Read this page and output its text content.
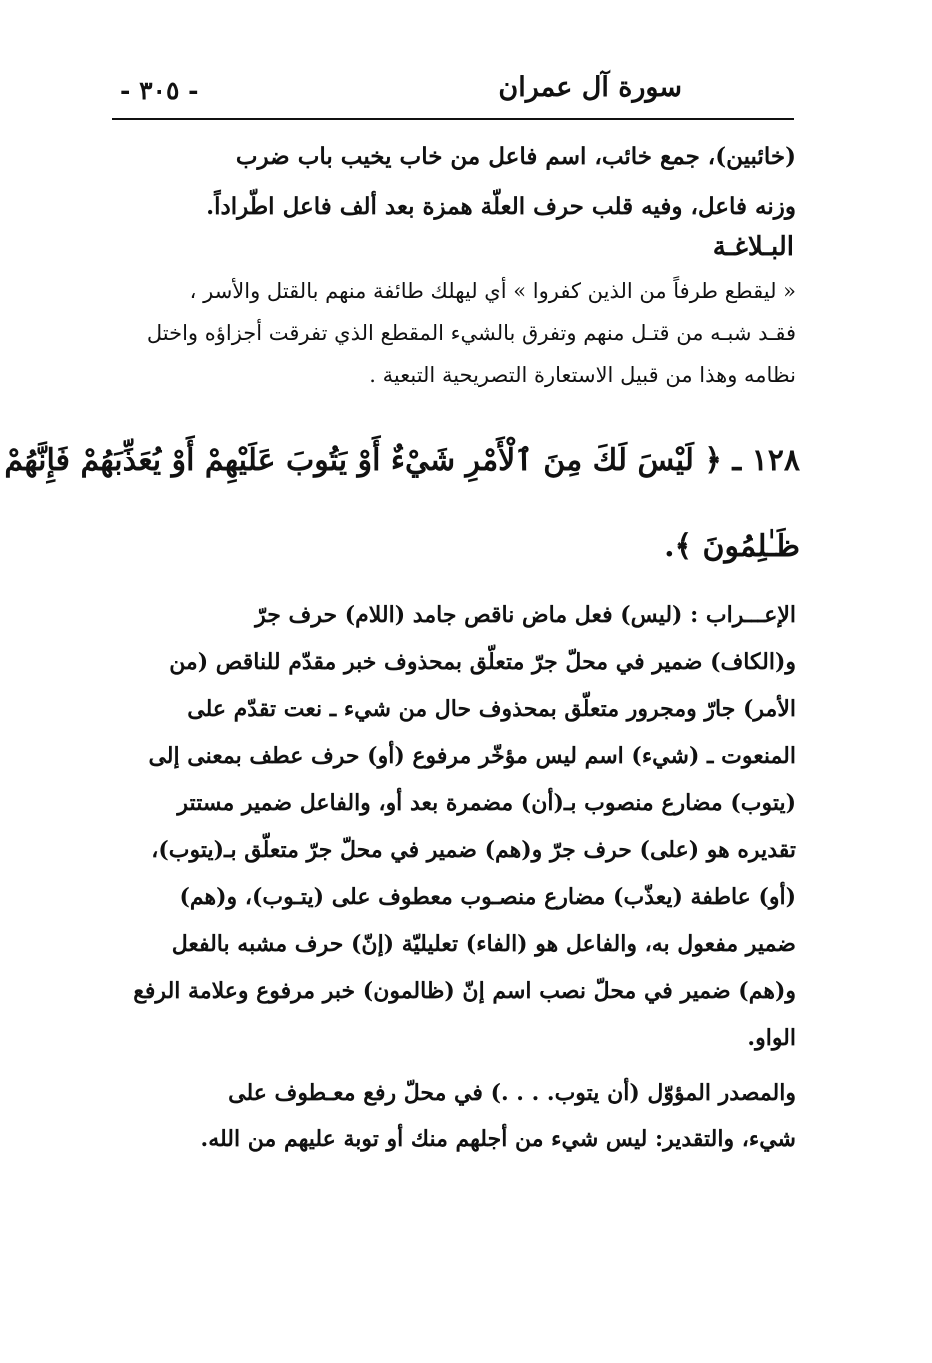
سورة آل عمران
- ٣٠٥ -
(خائبين)، جمع خائب، اسم فاعل من خاب يخيب باب ضرب
وزنه فاعل، وفيه قلب حرف العلّة همزة بعد ألف فاعل اطّراداً.
البـلاغـة
« ليقطع طرفاً من الذين كفروا » أي ليهلك طائفة منهم بالقتل والأسر ،
فقـد شبـه من قتـل منهم وتفرق بالشيء المقطع الذي تفرقت أجزاؤه واختل
نظامه وهذا من قبيل الاستعارة التصريحية التبعية .
١٢٨ ـ ﴿ لَيْسَ لَكَ مِنَ ٱلْأَمْرِ شَيْءٌ أَوْ يَتُوبَ عَلَيْهِمْ أَوْ يُعَذِّبَهُمْ فَإِنَّهُمْ
ظَـٰلِمُونَ ﴾.
الإعـــراب : (ليس) فعل ماض ناقص جامد (اللام) حرف جرّ
و(الكاف) ضمير في محلّ جرّ متعلّق بمحذوف خبر مقدّم للناقص (من
الأمر) جارّ ومجرور متعلّق بمحذوف حال من شيء ـ نعت تقدّم على
المنعوت ـ (شيء) اسم ليس مؤخّر مرفوع (أو) حرف عطف بمعنى إلى
(يتوب) مضارع منصوب بـ(أن) مضمرة بعد أو، والفاعل ضمير مستتر
تقديره هو (على) حرف جرّ و(هم) ضمير في محلّ جرّ متعلّق بـ(يتوب)،
(أو) عاطفة (يعذّب) مضارع منصـوب معطوف على (يتـوب)، و(هم)
ضمير مفعول به، والفاعل هو (الفاء) تعليليّة (إنّ) حرف مشبه بالفعل
و(هم) ضمير في محلّ نصب اسم إنّ (ظالمون) خبر مرفوع وعلامة الرفع
الواو.
والمصدر المؤوّل (أن يتوب. . . .) في محلّ رفع معـطوف على
شيء، والتقدير: ليس شيء من أجلهم منك أو توبة عليهم من الله.
